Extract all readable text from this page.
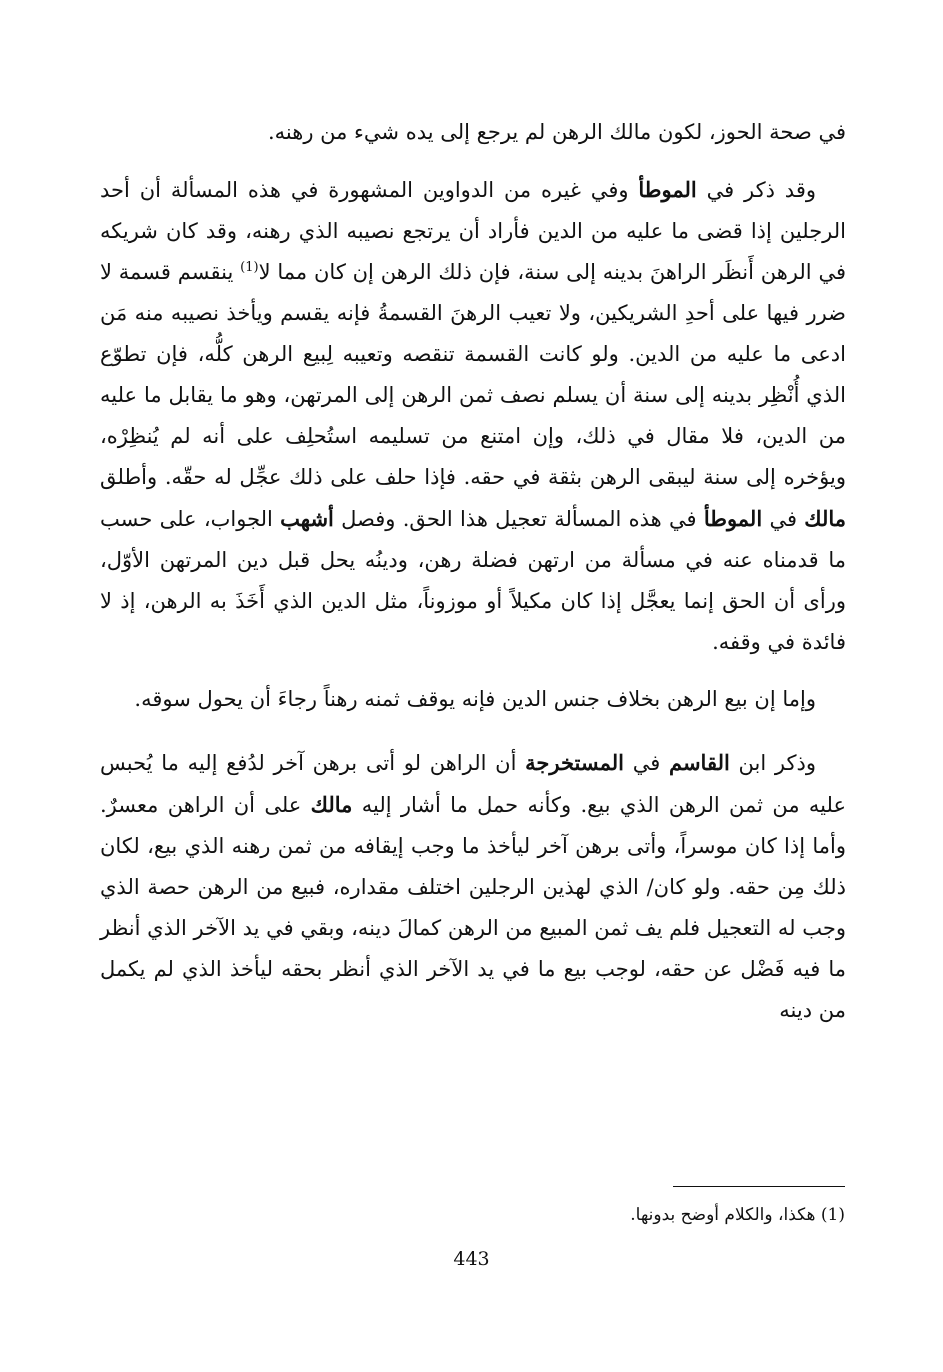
في صحة الحوز، لكون مالك الرهن لم يرجع إلى يده شيء من رهنه.

وقد ذكر في الموطأ وفي غيره من الدواوين المشهورة في هذه المسألة أن أحد الرجلين إذا قضى ما عليه من الدين فأراد أن يرتجع نصيبه الذي رهنه، وقد كان شريكه في الرهن أَنظَر الراهنَ بدينه إلى سنة، فإن ذلك الرهن إن كان مما لا$^{(1)}$ ينقسم قسمة لا ضرر فيها على أحدِ الشريكين، ولا تعيب الرهنَ القسمةُ فإنه يقسم ويأخذ نصيبه منه مَن ادعى ما عليه من الدين. ولو كانت القسمة تنقصه وتعيبه لِبيع الرهن كلُّه، فإن تطوّع الذي أُنْظِر بدينه إلى سنة أن يسلم نصف ثمن الرهن إلى المرتهن، وهو ما يقابل ما عليه من الدين، فلا مقال في ذلك، وإن امتنع من تسليمه استُحلِف على أنه لم يُنظِرْه، ويؤخره إلى سنة ليبقى الرهن بثقة في حقه. فإذا حلف على ذلك عجِّل له حقّه. وأطلق مالك في الموطأ في هذه المسألة تعجيل هذا الحق. وفصل أشهب الجواب، على حسب ما قدمناه عنه في مسألة من ارتهن فضلة رهن، ودينُه يحل قبل دين المرتهن الأوّل، ورأى أن الحق إنما يعجَّل إذا كان مكيلاً أو موزوناً، مثل الدين الذي أَخَذَ به الرهن، إذ لا فائدة في وقفه.

وإما إن بيع الرهن بخلاف جنس الدين فإنه يوقف ثمنه رهناً رجاءَ أن يحول سوقه.

وذكر ابن القاسم في المستخرجة أن الراهن لو أتى برهن آخر لدُفع إليه ما يُحبس عليه من ثمن الرهن الذي بيع. وكأنه حمل ما أشار إليه مالك على أن الراهن معسرٌ. وأما إذا كان موسراً، وأتى برهن آخر ليأخذ ما وجب إيقافه من ثمن رهنه الذي بيع، لكان ذلك مِن حقه. ولو كان/ الذي لهذين الرجلين اختلف مقداره، فبيع من الرهن حصة الذي وجب له التعجيل فلم يف ثمن المبيع من الرهن كمالَ دينه، وبقي في يد الآخر الذي أنظر ما فيه فَضْل عن حقه، لوجب بيع ما في يد الآخر الذي أنظر بحقه ليأخذ الذي لم يكمل من دينه

(1) هكذا، والكلام أوضح بدونها.
443
